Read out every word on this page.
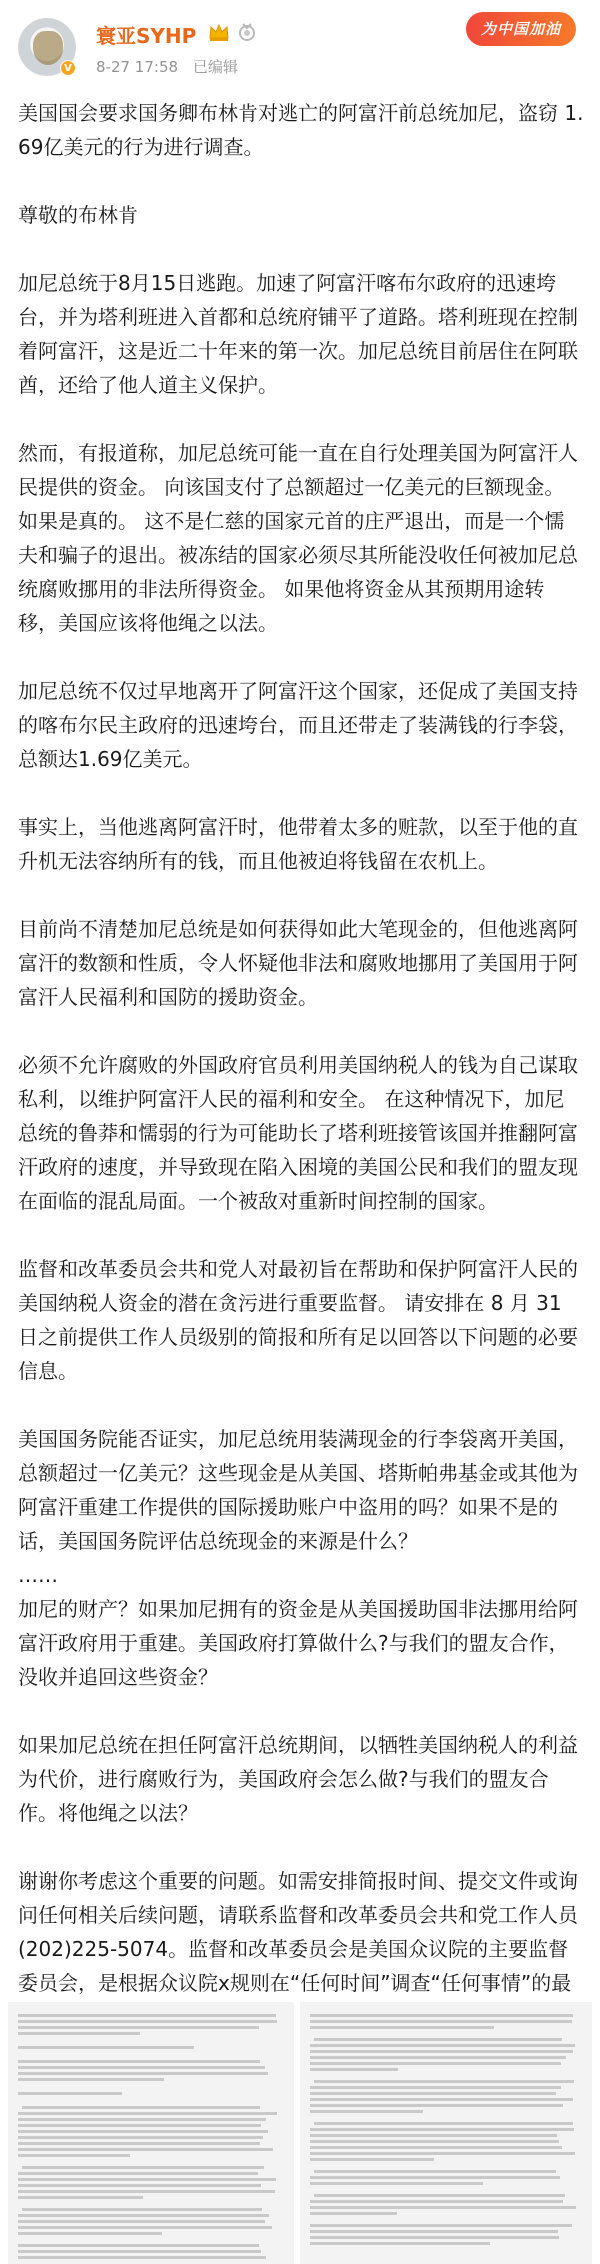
V
寰亚SYHP
8-27 17:58 已编辑
为中国加油

美国国会要求国务卿布林肯对逃亡的阿富汗前总统加尼，盗窃 1.69亿美元的行为进行调查。

尊敬的布林肯

加尼总统于8月15日逃跑。加速了阿富汗喀布尔政府的迅速垮台，并为塔利班进入首都和总统府铺平了道路。塔利班现在控制着阿富汗，这是近二十年来的第一次。加尼总统目前居住在阿联酋，还给了他人道主义保护。

然而，有报道称，加尼总统可能一直在自行处理美国为阿富汗人民提供的资金。 向该国支付了总额超过一亿美元的巨额现金。 如果是真的。 这不是仁慈的国家元首的庄严退出，而是一个懦夫和骗子的退出。被冻结的国家必须尽其所能没收任何被加尼总统腐败挪用的非法所得资金。 如果他将资金从其预期用途转移，美国应该将他绳之以法。

加尼总统不仅过早地离开了阿富汗这个国家，还促成了美国支持的喀布尔民主政府的迅速垮台，而且还带走了装满钱的行李袋，总额达1.69亿美元。

事实上，当他逃离阿富汗时，他带着太多的赃款，以至于他的直升机无法容纳所有的钱，而且他被迫将钱留在农机上。

目前尚不清楚加尼总统是如何获得如此大笔现金的，但他逃离阿富汗的数额和性质，令人怀疑他非法和腐败地挪用了美国用于阿富汗人民福利和国防的援助资金。

必须不允许腐败的外国政府官员利用美国纳税人的钱为自己谋取私利，以维护阿富汗人民的福利和安全。 在这种情况下，加尼总统的鲁莽和懦弱的行为可能助长了塔利班接管该国并推翻阿富汗政府的速度，并导致现在陷入困境的美国公民和我们的盟友现在面临的混乱局面。一个被敌对重新时间控制的国家。

监督和改革委员会共和党人对最初旨在帮助和保护阿富汗人民的美国纳税人资金的潜在贪污进行重要监督。 请安排在 8 月 31 日之前提供工作人员级别的简报和所有足以回答以下问题的必要信息。

美国国务院能否证实，加尼总统用装满现金的行李袋离开美国，总额超过一亿美元？这些现金是从美国、塔斯帕弗基金或其他为阿富汗重建工作提供的国际援助账户中盗用的吗？如果不是的话，美国国务院评估总统现金的来源是什么？

……

加尼的财产？如果加尼拥有的资金是从美国援助国非法挪用给阿富汗政府用于重建。美国政府打算做什么?与我们的盟友合作，没收并追回这些资金？

如果加尼总统在担任阿富汗总统期间，以牺牲美国纳税人的利益为代价，进行腐败行为，美国政府会怎么做?与我们的盟友合作。将他绳之以法？

谢谢你考虑这个重要的问题。如需安排简报时间、提交文件或询问任何相关后续问题，请联系监督和改革委员会共和党工作人员(202)225-5074。监督和改革委员会是美国众议院的主要监督委员会，是根据众议院x规则在“任何时间”调查“任何事情”的最
